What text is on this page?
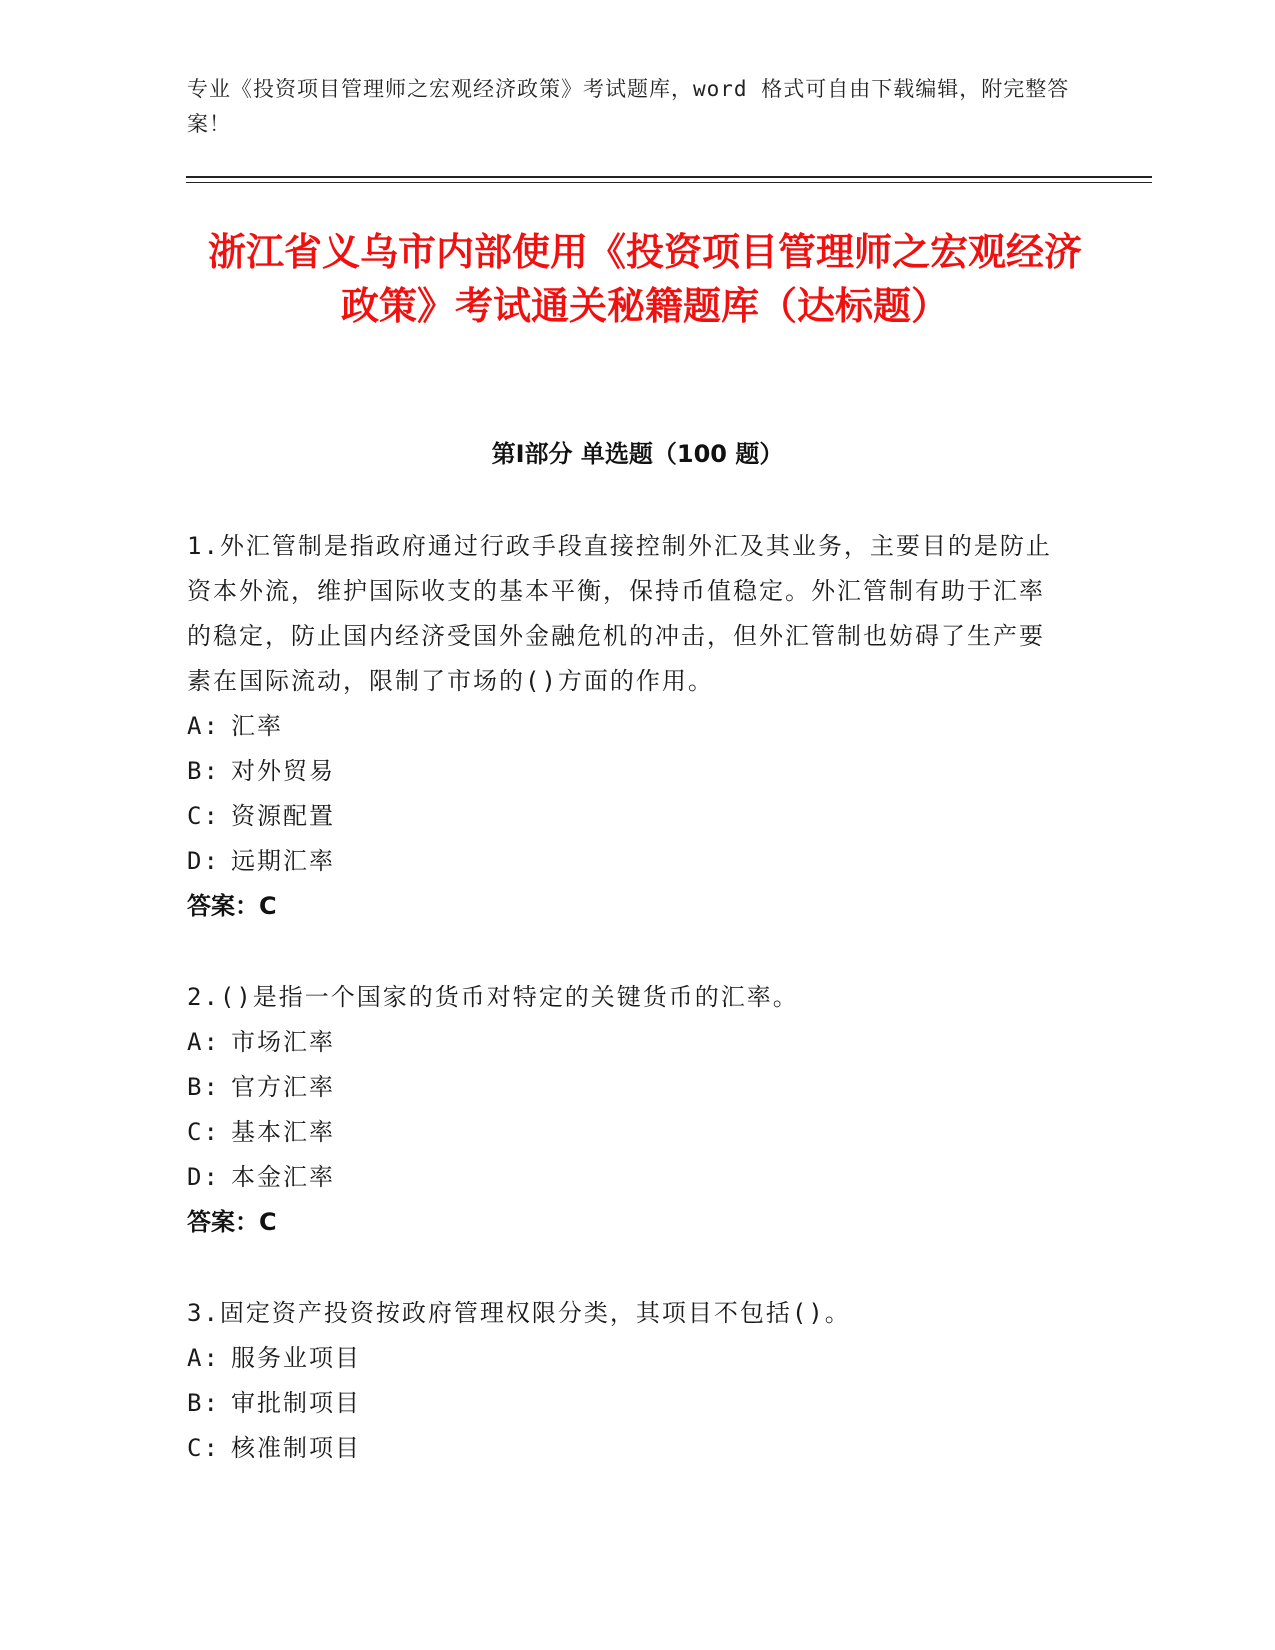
专业《投资项目管理师之宏观经济政策》考试题库，word 格式可自由下载编辑，附完整答案！
浙江省义乌市内部使用《投资项目管理师之宏观经济政策》考试通关秘籍题库（达标题）
第Ⅰ部分 单选题（100 题）
1.外汇管制是指政府通过行政手段直接控制外汇及其业务，主要目的是防止资本外流，维护国际收支的基本平衡，保持币值稳定。外汇管制有助于汇率的稳定，防止国内经济受国外金融危机的冲击，但外汇管制也妨碍了生产要素在国际流动，限制了市场的()方面的作用。
A: 汇率
B: 对外贸易
C: 资源配置
D: 远期汇率
答案：C
2.()是指一个国家的货币对特定的关键货币的汇率。
A: 市场汇率
B: 官方汇率
C: 基本汇率
D: 本金汇率
答案：C
3.固定资产投资按政府管理权限分类，其项目不包括()。
A: 服务业项目
B: 审批制项目
C: 核准制项目
